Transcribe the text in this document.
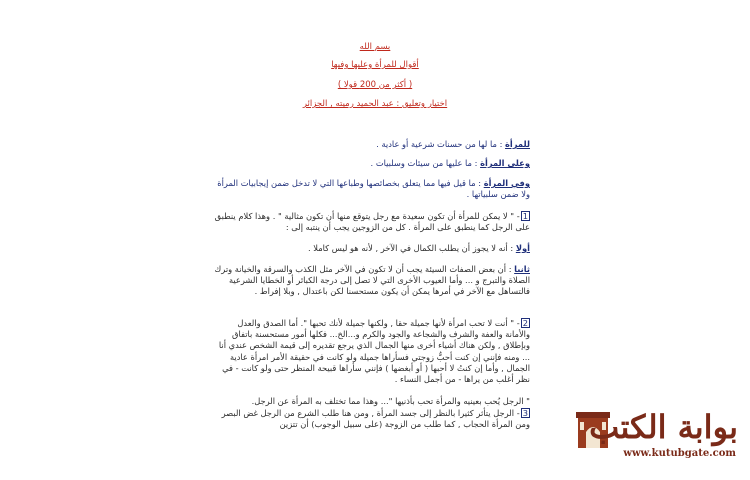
بسم الله
أقوال للمرأة وعليها وفيها
( أكثر من 200 قولا )
اختيار وتعليق : عبد الحميد رميته , الجزائر
للمرأة : ما لها من حسنات شرعية أو عادية .
وعلى المرأة : ما عليها من سيئات وسلبيات .
وفي المرأة : ما قيل فيها مما يتعلق بخصائصها وطباعها التي لا تدخل ضمن إيجابيات المرأة ولا ضمن سلبياتها .
1- " لا يمكن للمرأة أن تكون سعيدة مع رجل يتوقع منها أن تكون مثالية " . وهذا كلام ينطبق على الرجل كما ينطبق على المرأة . كل من الزوجين يجب أن ينتبه إلى :
أولا : أنه لا يجوز أن يطلب الكمال في الآخر , لأنه هو ليس كاملا .
ثانيا : أن بعض الصفات السيئة يجب أن لا تكون في الآخر مثل الكذب والسرقة والخيانة وترك الصلاة والتبرج و ... وأما العيوب الأخرى التي لا تصل إلى درجة الكبائر أو الخطايا الشرعية فالتساهل مع الآخر في أمرها يمكن أن يكون مستحسنا لكن باعتدال , وبلا إفراط .
2- " أنت لا تحب امرأة لأنها جميلة حقا , ولكنها جميلة لأنك تحبها ". أما الصدق والعدل والأمانة والعفة والشرف والشجاعة والجود والكرم و...الخ... فكلها أمور مستحسنة باتفاق وبإطلاق , ولكن هناك أشياء أخرى منها الجمال الذي يرجع تقديره إلى قيمة الشخص عندي أنا ... ومنه فإنني إن كنت أحبُّ زوجتي فسأراها جميلة ولو كانت في حقيقة الأمر امرأة عادية الجمال , وأما إن كنتُ لا أحبها ( أو أبغضها ) فإنني سأراها قبيحة المنظر حتى ولو كانت - في نظر أغلب من يراها - من أجمل النساء .
" الرجل يُحب بعينيه والمرأة تحب بأذنيها "... وهذا مما تختلف به المرأة عن الرجل.
3- الرجل يتأثر كثيرا بالنظر إلى جسد المرأة , ومن هنا طلب الشرع من الرجل غض البصر ومن المرأة الحجاب , كما طلب من الزوجة (على سبيل الوجوب) أن تتزين بوابة الكتب
www.kutubgate.com
